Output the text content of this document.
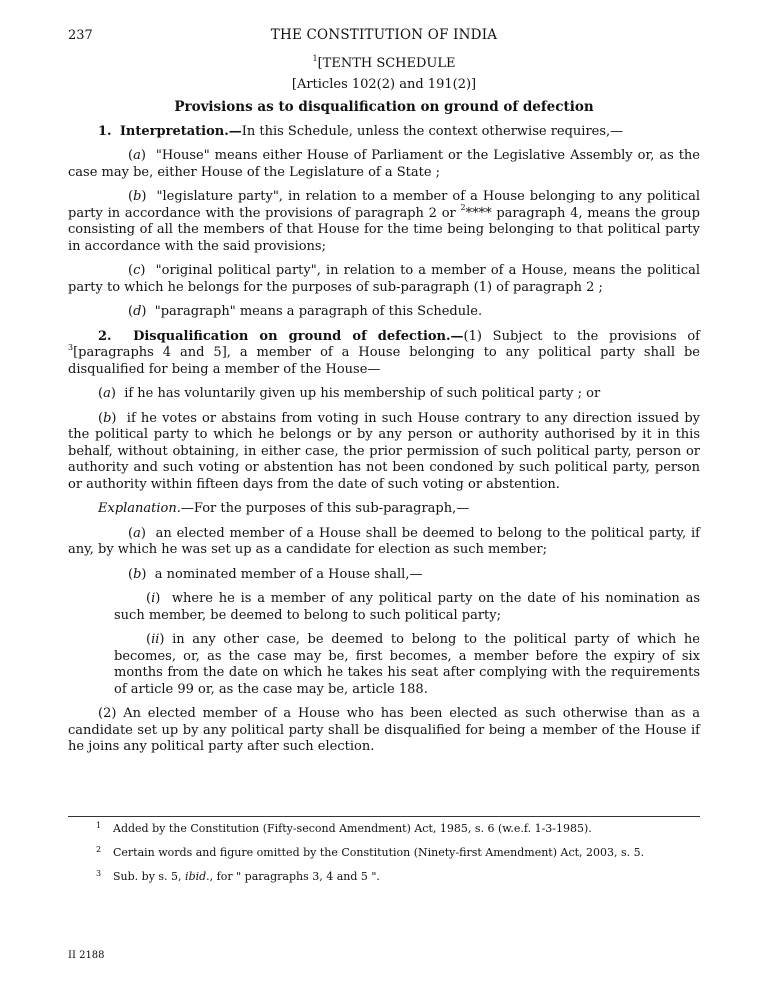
237	THE CONSTITUTION OF INDIA
$^1$[TENTH SCHEDULE
[Articles 102(2) and 191(2)]
Provisions as to disqualification on ground of defection
1. Interpretation.—In this Schedule, unless the context otherwise requires,—
(a)  "House" means either House of Parliament or the Legislative Assembly or, as the case may be, either House of the Legislature of a State ;
(b)  "legislature party", in relation to a member of a House belonging to any political party in accordance with the provisions of paragraph 2 or $^2$**** paragraph 4, means the group consisting of all the members of that House for the time being belonging to that political party in accordance with the said provisions;
(c)  "original political party", in relation to a member of a House, means the political party to which he belongs for the purposes of sub-paragraph (1) of paragraph 2 ;
(d)  "paragraph" means a paragraph of this Schedule.
2. Disqualification on ground of defection.—(1) Subject to the provisions of $^3$[paragraphs 4 and 5], a member of a House belonging to any political party shall be disqualified for being a member of the House—
(a)  if he has voluntarily given up his membership of such political party ; or
(b)  if he votes or abstains from voting in such House contrary to any direction issued by the political party to which he belongs or by any person or authority authorised by it in this behalf, without obtaining, in either case, the prior permission of such political party, person or authority and such voting or abstention has not been condoned by such political party, person or authority within fifteen days from the date of such voting or abstention.
Explanation.—For the purposes of this sub-paragraph,—
(a)  an elected member of a House shall be deemed to belong to the political party, if any, by which he was set up as a candidate for election as such member;
(b)  a nominated member of a House shall,—
(i)  where he is a member of any political party on the date of his nomination as such member, be deemed to belong to such political party;
(ii) in any other case, be deemed to belong to the political party of which he becomes, or, as the case may be, first becomes, a member before the expiry of six months from the date on which he takes his seat after complying with the requirements of article 99 or, as the case may be, article 188.
(2) An elected member of a House who has been elected as such otherwise than as a candidate set up by any political party shall be disqualified for being a member of the House if he joins any political party after such election.
1 Added by the Constitution (Fifty-second Amendment) Act, 1985, s. 6 (w.e.f. 1-3-1985).
2 Certain words and figure omitted by the Constitution (Ninety-first Amendment) Act, 2003, s. 5.
3 Sub. by s. 5, ibid., for " paragraphs 3, 4 and 5 ".
II 2188
